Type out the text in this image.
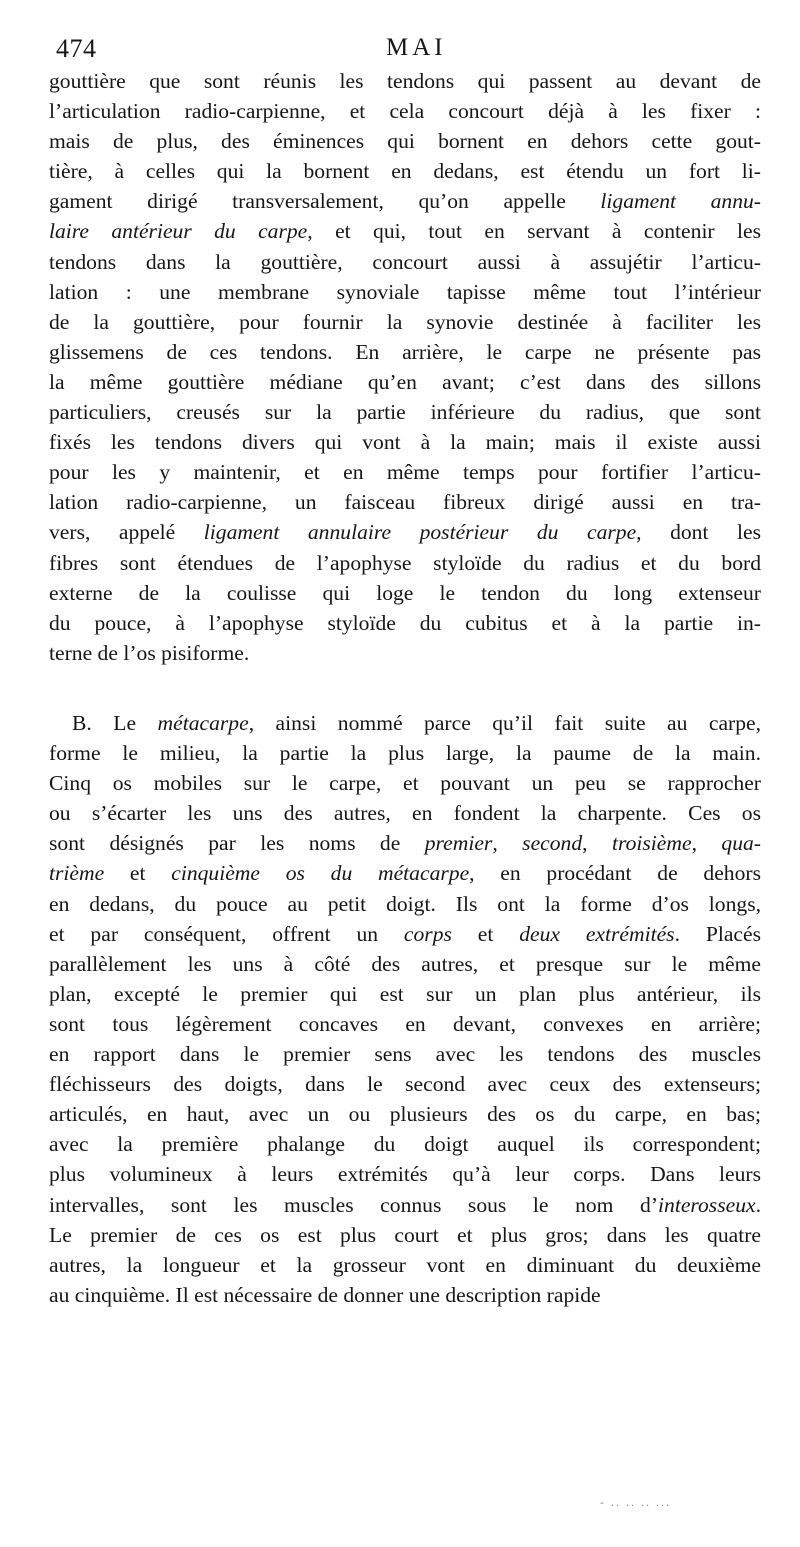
474	MAI
gouttière que sont réunis les tendons qui passent au devant de
l’articulation radio-carpienne, et cela concourt déjà à les fixer :
mais de plus, des éminences qui bornent en dehors cette gout-
tière, à celles qui la bornent en dedans, est étendu un fort li-
gament dirigé transversalement, qu’on appelle ligament annu-
laire antérieur du carpe, et qui, tout en servant à contenir les
tendons dans la gouttière, concourt aussi à assujétir l’articu-
lation : une membrane synoviale tapisse même tout l’intérieur
de la gouttière, pour fournir la synovie destinée à faciliter les
glissemens de ces tendons. En arrière, le carpe ne présente pas
la même gouttière médiane qu’en avant; c’est dans des sillons
particuliers, creusés sur la partie inférieure du radius, que sont
fixés les tendons divers qui vont à la main; mais il existe aussi
pour les y maintenir, et en même temps pour fortifier l’articu-
lation radio-carpienne, un faisceau fibreux dirigé aussi en tra-
vers, appelé ligament annulaire postérieur du carpe, dont les
fibres sont étendues de l’apophyse styloïde du radius et du bord
externe de la coulisse qui loge le tendon du long extenseur
du pouce, à l’apophyse styloïde du cubitus et à la partie in-
terne de l’os pisiforme.
B. Le métacarpe, ainsi nommé parce qu’il fait suite au carpe,
forme le milieu, la partie la plus large, la paume de la main.
Cinq os mobiles sur le carpe, et pouvant un peu se rapprocher
ou s’écarter les uns des autres, en fondent la charpente. Ces os
sont désignés par les noms de premier, second, troisième, qua-
trième et cinquième os du métacarpe, en procédant de dehors
en dedans, du pouce au petit doigt. Ils ont la forme d’os longs,
et par conséquent, offrent un corps et deux extrémités. Placés
parallèlement les uns à côté des autres, et presque sur le même
plan, excepté le premier qui est sur un plan plus antérieur, ils
sont tous légèrement concaves en devant, convexes en arrière;
en rapport dans le premier sens avec les tendons des muscles
fléchisseurs des doigts, dans le second avec ceux des extenseurs;
articulés, en haut, avec un ou plusieurs des os du carpe, en bas;
avec la première phalange du doigt auquel ils correspondent;
plus volumineux à leurs extrémités qu’à leur corps. Dans leurs
intervalles, sont les muscles connus sous le nom d’interosseux.
Le premier de ces os est plus court et plus gros; dans les quatre
autres, la longueur et la grosseur vont en diminuant du deuxième
au cinquième. Il est nécessaire de donner une description rapide
- .. .. .. ...
